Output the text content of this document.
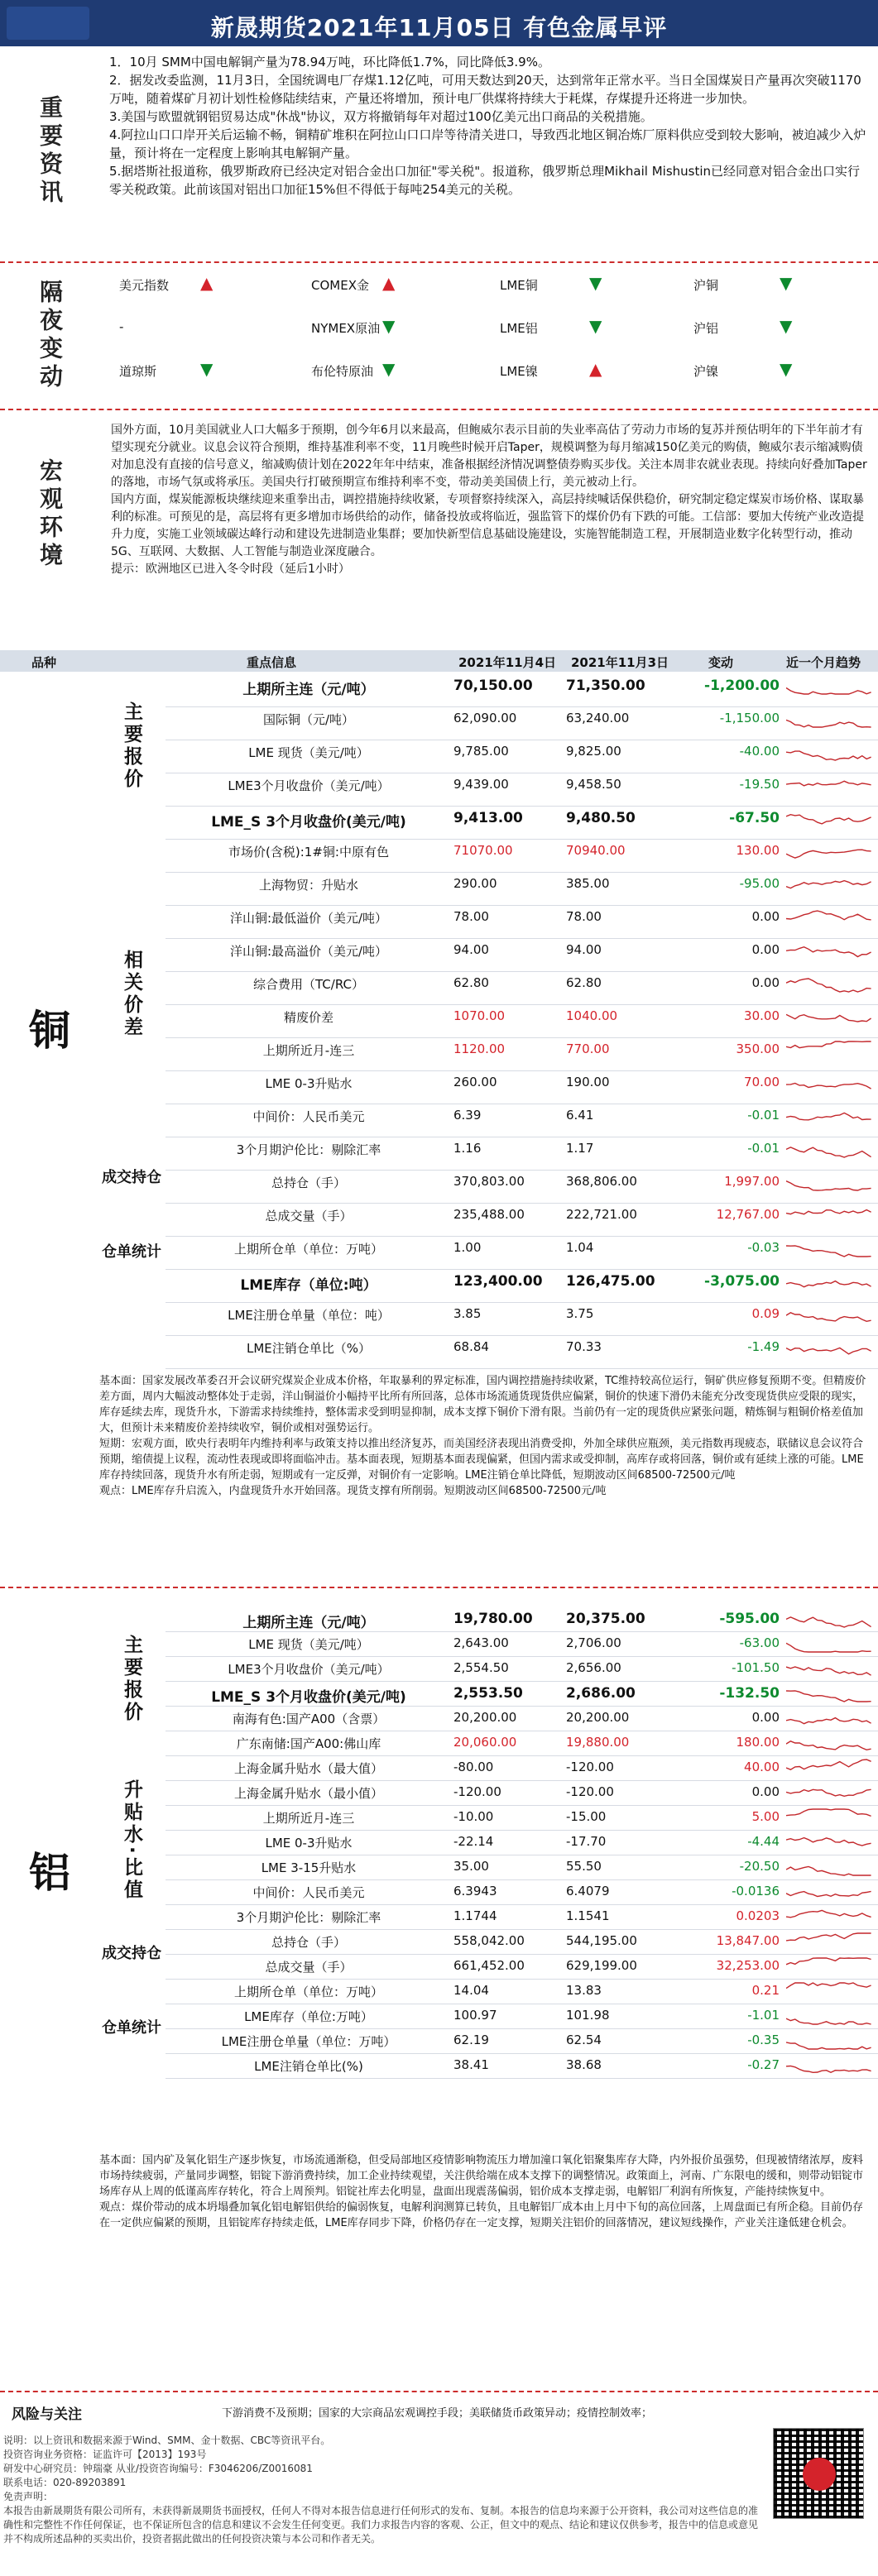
新晟期货2021年11月05日 有色金属早评
重要资讯

1．10月 SMM中国电解铜产量为78.94万吨，环比降低1.7%，同比降低3.9%。

2．据发改委监测，11月3日，全国统调电厂存煤1.12亿吨，可用天数达到20天，达到常年正常水平。当日全国煤炭日产量再次突破1170万吨，随着煤矿月初计划性检修陆续结束，产量还将增加，预计电厂供煤将持续大于耗煤，存煤提升还将进一步加快。

3.美国与欧盟就钢铝贸易达成"休战"协议，双方将撤销每年对超过100亿美元出口商品的关税措施。

4.阿拉山口口岸开关后运输不畅，铜精矿堆积在阿拉山口口岸等待清关进口，导致西北地区铜冶炼厂原料供应受到较大影响，被迫减少入炉量，预计将在一定程度上影响其电解铜产量。

5.据塔斯社报道称，俄罗斯政府已经决定对铝合金出口加征"零关税"。报道称，俄罗斯总理Mikhail Mishustin已经同意对铝合金出口实行零关税政策。此前该国对铝出口加征15%但不得低于每吨254美元的关税。

隔夜变动	美元指数 ▲	COMEX金 ▲	LME铜	▼	沪铜	▼
-	NYMEX原油 ▼	LME铝	▼	沪铝	▼
道琼斯	▼	布伦特原油 ▼	LME镍	▲	沪镍	▼
宏观环境

国外方面，10月美国就业人口大幅多于预期，创今年6月以来最高，但鲍威尔表示目前的失业率高估了劳动力市场的复苏并预估明年的下半年前才有望实现充分就业。议息会议符合预期，维持基准利率不变，11月晚些时候开启Taper，规模调整为每月缩减150亿美元的购债，鲍威尔表示缩减购债对加息没有直接的信号意义，缩减购债计划在2022年年中结束，准备根据经济情况调整债券购买步伐。关注本周非农就业表现。持续向好叠加Taper的落地，市场气氛或将承压。美国央行打破预期宣布维持利率不变，带动美美国债上行，美元被动上行。

国内方面，煤炭能源板块继续迎来重拳出击，调控措施持续收紧，专项督察持续深入，高层持续喊话保供稳价，研究制定稳定煤炭市场价格、谋取暴利的标准。可预见的是，高层将有更多增加市场供给的动作，储备投放或将临近，强监管下的煤价仍有下跌的可能。工信部：要加大传统产业改造提升力度，实施工业领域碳达峰行动和建设先进制造业集群；要加快新型信息基础设施建设，实施智能制造工程，开展制造业数字化转型行动，推动5G、互联网、大数据、人工智能与制造业深度融合。

提示：欧洲地区已进入冬令时段（延后1小时）

品种	重点信息	2021年11月4日 2021年11月3日	变动	近一个月趋势
铜
主要报价
相关价差
成交持仓
仓单统计
上期所主连（元/吨）	70,150.00	71,350.00	-1,200.00
国际铜（元/吨）	62,090.00	63,240.00	-1,150.00
LME 现货（美元/吨）	9,785.00	9,825.00	-40.00
LME3个月收盘价（美元/吨）	9,439.00	9,458.50	-19.50
LME_S 3个月收盘价(美元/吨)	9,413.00	9,480.50	-67.50
市场价(含税):1#铜:中原有色	71070.00	70940.00	130.00
上海物贸：升贴水	290.00	385.00	-95.00
洋山铜:最低溢价（美元/吨）	78.00	78.00	0.00
洋山铜:最高溢价（美元/吨）	94.00	94.00	0.00
综合费用（TC/RC）	62.80	62.80	0.00
精废价差	1070.00	1040.00	30.00
上期所近月-连三	1120.00	770.00	350.00
LME 0-3升贴水	260.00	190.00	70.00
中间价：人民币美元	6.39	6.41	-0.01
3个月期沪伦比：剔除汇率	1.16	1.17	-0.01
总持仓（手）	370,803.00	368,806.00	1,997.00
总成交量（手）	235,488.00	222,721.00	12,767.00
上期所仓单（单位：万吨）	1.00	1.04	-0.03
LME库存（单位:吨）	123,400.00	126,475.00	-3,075.00
LME注册仓单量（单位：吨）	3.85	3.75	0.09
LME注销仓单比（%）	68.84	70.33	-1.49

基本面：国家发展改革委召开会议研究煤炭企业成本价格，年取暴利的界定标准，国内调控措施持续收紧，TC维持较高位运行，铜矿供应修复预期不变。但精废价差方面，周内大幅波动整体处于走弱，洋山铜溢价小幅持平比所有所回落，总体市场流通货现货供应偏紧，铜价的快速下滑仍未能充分改变现货供应受限的现实，库存延续去库，现货升水，下游需求持续维持，整体需求受到明显抑制，成本支撑下铜价下滑有限。当前仍有一定的现货供应紧张问题，精炼铜与粗铜价格差值加大，但预计未来精废价差持续收窄，铜价或相对强势运行。

短期：宏观方面，欧央行表明年内维持利率与政策支持以推出经济复苏，而美国经济表现出消费受抑，外加全球供应瓶颈，美元指数再现疲态，联储议息会议符合预期，缩债提上议程，流动性表现或即将面临冲击。基本面表现，短期基本面表现偏紧，但国内需求或受抑制，高库存或将回落，铜价或有延续上涨的可能。LME库存持续回落，现货升水有所走弱，短期或有一定反弹，对铜价有一定影响。LME注销仓单比降低，短期波动区间68500-72500元/吨

观点：LME库存升启流入，内盘现货升水开始回落。现货支撑有所削弱。短期波动区间68500-72500元/吨

铝
主要报价
升贴水·比值
成交持仓
仓单统计
上期所主连（元/吨）	19,780.00	20,375.00	-595.00
LME 现货（美元/吨）	2,643.00	2,706.00	-63.00
LME3个月收盘价（美元/吨）	2,554.50	2,656.00	-101.50
LME_S 3个月收盘价(美元/吨)	2,553.50	2,686.00	-132.50
南海有色:国产A00（含票）	20,200.00	20,200.00	0.00
广东南储:国产A00:佛山库	20,060.00	19,880.00	180.00
上海金属升贴水（最大值）	-80.00	-120.00	40.00
上海金属升贴水（最小值）	-120.00	-120.00	0.00
上期所近月-连三	-10.00	-15.00	5.00
LME 0-3升贴水	-22.14	-17.70	-4.44
LME 3-15升贴水	35.00	55.50	-20.50
中间价：人民币美元	6.3943	6.4079	-0.0136
3个月期沪伦比：剔除汇率	1.1744	1.1541	0.0203
总持仓（手）	558,042.00	544,195.00	13,847.00
总成交量（手）	661,452.00	629,199.00	32,253.00
上期所仓单（单位：万吨）	14.04	13.83	0.21
LME库存（单位:万吨）	100.97	101.98	-1.01
LME注册仓单量（单位：万吨）	62.19	62.54	-0.35
LME注销仓单比(%)	38.41	38.68	-0.27

基本面：国内矿及氧化铝生产逐步恢复，市场流通渐稳，但受局部地区疫情影响物流压力增加潼口氧化铝聚集库存大降，内外报价虽强势，但现被情绪浓厚，废料市场持续疲弱，产量同步调整，铝锭下游消费持续，加工企业持续观望，关注供给端在成本支撑下的调整情况。政策面上，河南、广东限电的缓和，则带动铝锭市场库存从上周的低谨高库存转化，符合上周预判。铝锭社库去化明显，盘面出现震荡偏弱，铝价成本支撑走弱，电解铝厂利润有所恢复，产能持续恢复中。

观点：煤价带动的成本坍塌叠加氧化铝电解铝供给的偏弱恢复，电解利润测算已转负，且电解铝厂成本由上月中下旬的高位回落，上周盘面已有所企稳。目前仍存在一定供应偏紧的预期，且铝锭库存持续走低，LME库存同步下降，价格仍存在一定支撑，短期关注铝价的回落情况，建议短线操作，产业关注逢低建仓机会。

风险与关注	下游消费不及预期；国家的大宗商品宏观调控手段；美联储货币政策异动；疫情控制效率；
说明：以上资讯和数据来源于Wind、SMM、金十数据、CBC等资讯平台。
投资咨询业务资格：证监许可【2013】193号
研发中心研究员：钟瑞豪 从业/投资咨询编号：F3046206/Z0016081
联系电话：020-89203891
免责声明：
本报告由新晟期货有限公司所有，未获得新晟期货书面授权，任何人不得对本报告信息进行任何形式的发布、复制。本报告的信息均来源于公开资料，我公司对这些信息的准确性和完整性不作任何保证，也不保证所包含的信息和建议不会发生任何变更。我们力求报告内容的客观、公正，但文中的观点、结论和建议仅供参考，报告中的信息或意见并不构成所述品种的买卖出价，投资者据此做出的任何投资决策与本公司和作者无关。
